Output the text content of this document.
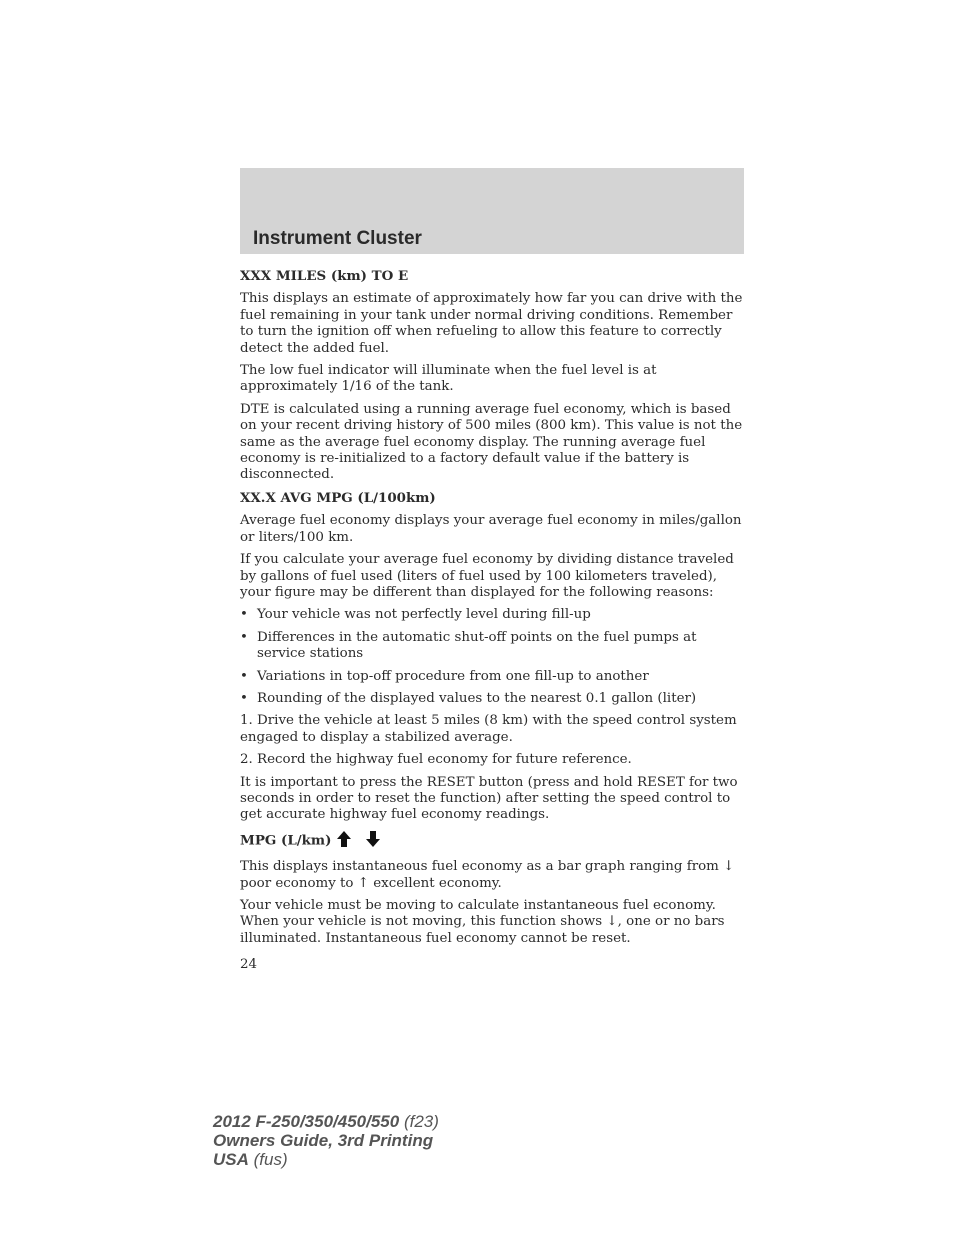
Instrument Cluster
XXX MILES (km) TO E

This displays an estimate of approximately how far you can drive with the fuel remaining in your tank under normal driving conditions. Remember to turn the ignition off when refueling to allow this feature to correctly detect the added fuel.

The low fuel indicator will illuminate when the fuel level is at approximately 1/16 of the tank.

DTE is calculated using a running average fuel economy, which is based on your recent driving history of 500 miles (800 km). This value is not the same as the average fuel economy display. The running average fuel economy is re-initialized to a factory default value if the battery is disconnected.

XX.X AVG MPG (L/100km)

Average fuel economy displays your average fuel economy in miles/gallon or liters/100 km.

If you calculate your average fuel economy by dividing distance traveled by gallons of fuel used (liters of fuel used by 100 kilometers traveled), your figure may be different than displayed for the following reasons:

• Your vehicle was not perfectly level during fill-up
• Differences in the automatic shut-off points on the fuel pumps at service stations
• Variations in top-off procedure from one fill-up to another
• Rounding of the displayed values to the nearest 0.1 gallon (liter)

1. Drive the vehicle at least 5 miles (8 km) with the speed control system engaged to display a stabilized average.

2. Record the highway fuel economy for future reference.

It is important to press the RESET button (press and hold RESET for two seconds in order to reset the function) after setting the speed control to get accurate highway fuel economy readings.

MPG (L/km)

This displays instantaneous fuel economy as a bar graph ranging from ↓ poor economy to ↑ excellent economy.

Your vehicle must be moving to calculate instantaneous fuel economy. When your vehicle is not moving, this function shows ↓, one or no bars illuminated. Instantaneous fuel economy cannot be reset.

24
2012 F-250/350/450/550 (f23)
Owners Guide, 3rd Printing
USA (fus)
